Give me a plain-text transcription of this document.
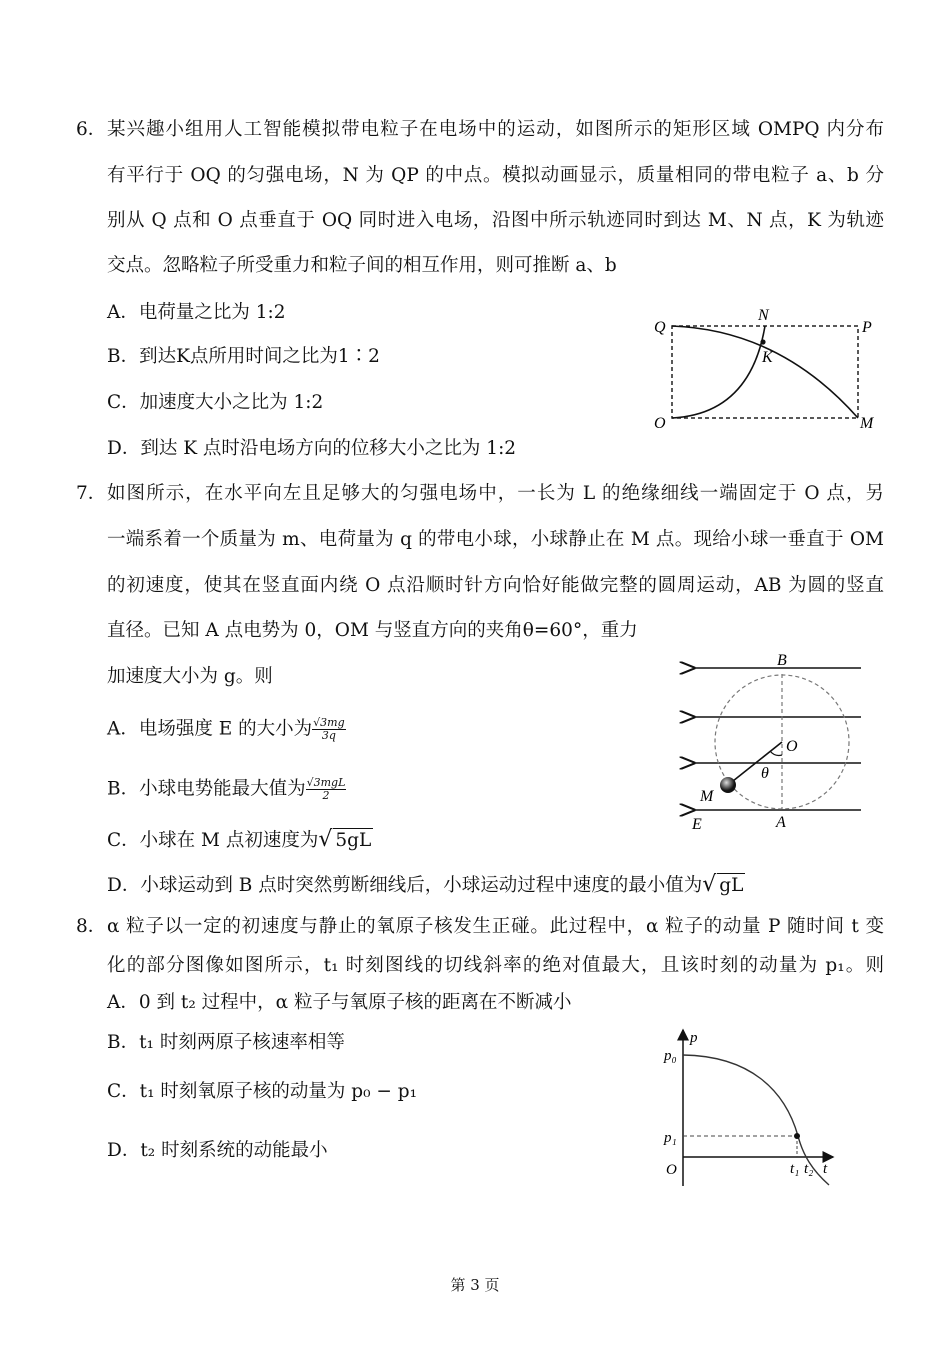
6． 某兴趣小组用人工智能模拟带电粒子在电场中的运动，如图所示的矩形区域 OMPQ 内分布
有平行于 OQ 的匀强电场，N 为 QP 的中点。模拟动画显示，质量相同的带电粒子 a、b 分
别从 Q 点和 O 点垂直于 OQ 同时进入电场，沿图中所示轨迹同时到达 M、N 点，K 为轨迹
交点。忽略粒子所受重力和粒子间的相互作用，则可推断 a、b
A．电荷量之比为 1:2
B．到达K点所用时间之比为1∶2
C．加速度大小之比为 1:2
D．到达 K 点时沿电场方向的位移大小之比为 1:2
Q
N
P
K
O	M
7． 如图所示，在水平向左且足够大的匀强电场中，一长为 L 的绝缘细线一端固定于 O 点，另
一端系着一个质量为 m、电荷量为 q 的带电小球，小球静止在 M 点。现给小球一垂直于 OM
的初速度，使其在竖直面内绕 O 点沿顺时针方向恰好能做完整的圆周运动，AB 为圆的竖直
直径。已知 A 点电势为 0，OM 与竖直方向的夹角θ=60°，重力
加速度大小为 g。则
A．电场强度 E 的大小为 $\frac{√3mg}{3q}$
B．小球电势能最大值为 $\frac{\text{√3mgL}}{2}$
C．小球在 M 点初速度为√ 5gL
D．小球运动到 B 点时突然剪断细线后，小球运动过程中速度的最小值为√ gL
B
O
θ
M
E	A
8． α 粒子以一定的初速度与静止的氧原子核发生正碰。此过程中，α 粒子的动量 P 随时间 t 变
化的部分图像如图所示，t₁ 时刻图线的切线斜率的绝对值最大，且该时刻的动量为 p₁。则
A．0 到 t₂ 过程中，α 粒子与氧原子核的距离在不断减小
B．t₁ 时刻两原子核速率相等
C．t₁ 时刻氧原子核的动量为 p₀ − p₁
D．t₂ 时刻系统的动能最小
p
p₀
p₁
O	t₁ t₂ t
第 3 页
